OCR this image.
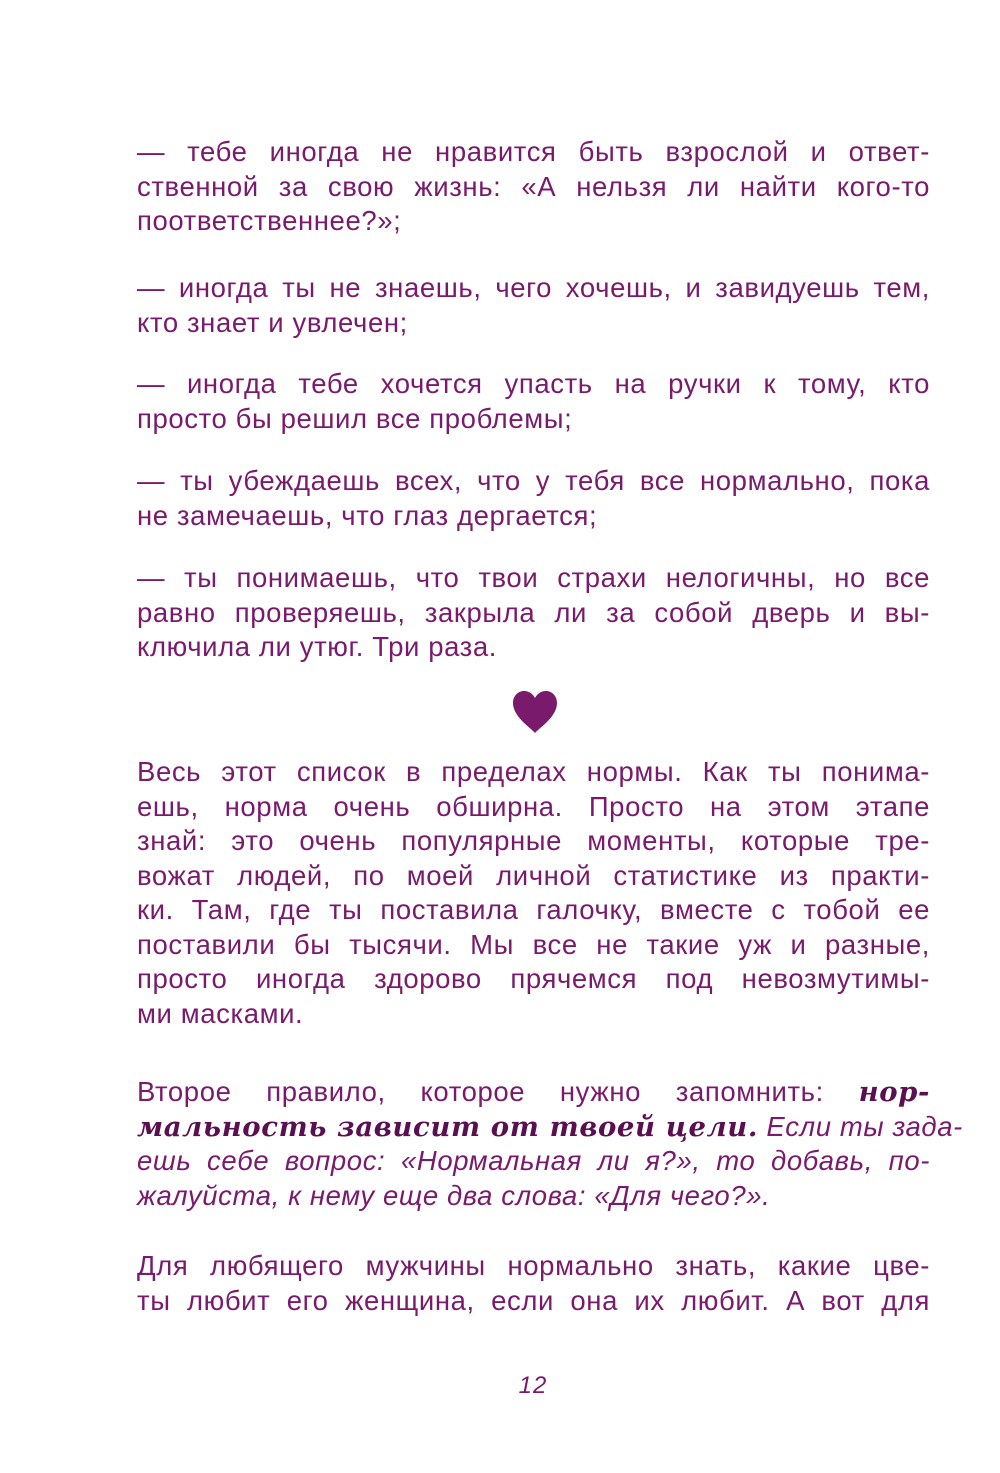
— тебе иногда не нравится быть взрослой и ответ-
ственной за свою жизнь: «А нельзя ли найти кого-то
поответственнее?»;
— иногда ты не знаешь, чего хочешь, и завидуешь тем,
кто знает и увлечен;
— иногда тебе хочется упасть на ручки к тому, кто
просто бы решил все проблемы;
— ты убеждаешь всех, что у тебя все нормально, пока
не замечаешь, что глаз дергается;
— ты понимаешь, что твои страхи нелогичны, но все
равно проверяешь, закрыла ли за собой дверь и вы-
ключила ли утюг. Три раза.
Весь этот список в пределах нормы. Как ты понима-
ешь, норма очень обширна. Просто на этом этапе
знай: это очень популярные моменты, которые тре-
вожат людей, по моей личной статистике из практи-
ки. Там, где ты поставила галочку, вместе с тобой ее
поставили бы тысячи. Мы все не такие уж и разные,
просто иногда здорово прячемся под невозмутимы-
ми масками.
Второе правило, которое нужно запомнить: нор-
мальность зависит от твоей цели. Если ты зада-
ешь себе вопрос: «Нормальная ли я?», то добавь, по-
жалуйста, к нему еще два слова: «Для чего?».
Для любящего мужчины нормально знать, какие цве-
ты любит его женщина, если она их любит. А вот для
12
